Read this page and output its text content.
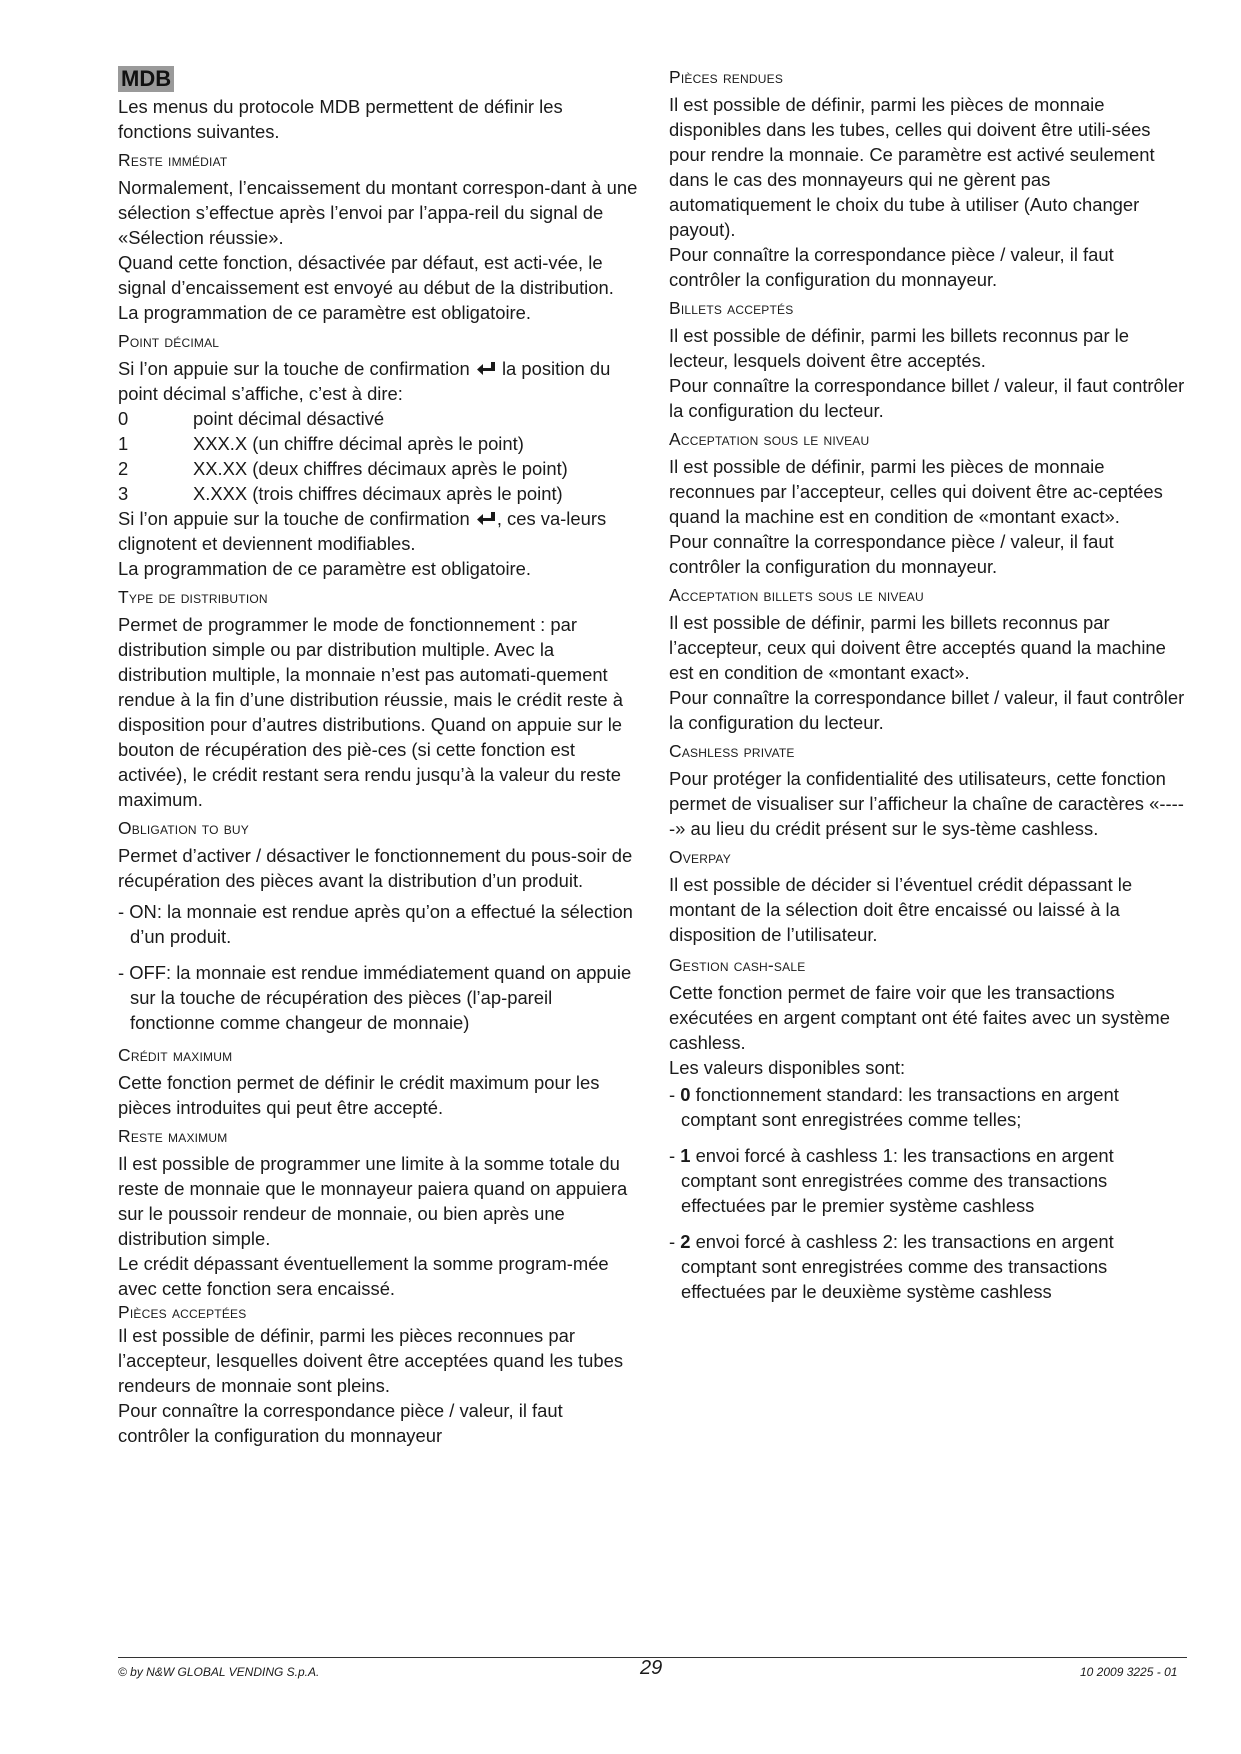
MDB

Les menus du protocole MDB permettent de définir les fonctions suivantes.

Reste immédiat

Normalement, l’encaissement du montant correspon-dant à une sélection s’effectue après l’envoi par l’appa-reil du signal de «Sélection réussie».

Quand cette fonction, désactivée par défaut, est acti-vée, le signal d’encaissement est envoyé au début de la distribution. La programmation de ce paramètre est obligatoire.

Point décimal

Si l’on appuie sur la touche de confirmation la position du point décimal s’affiche, c’est à dire:

0	point décimal désactivé
1	XXX.X (un chiffre décimal après le point)
2	XX.XX (deux chiffres décimaux après le point)
3	X.XXX (trois chiffres décimaux après le point)

Si l’on appuie sur la touche de confirmation , ces va-leurs clignotent et deviennent modifiables.

La programmation de ce paramètre est obligatoire.

Type de distribution

Permet de programmer le mode de fonctionnement : par distribution simple ou par distribution multiple. Avec la distribution multiple, la monnaie n’est pas automati-quement rendue à la fin d’une distribution réussie, mais le crédit reste à disposition pour d’autres distributions. Quand on appuie sur le bouton de récupération des piè-ces (si cette fonction est activée), le crédit restant sera rendu jusqu’à la valeur du reste maximum.

Obligation to buy

Permet d’activer / désactiver le fonctionnement du pous-soir de récupération des pièces avant la distribution d’un produit.

- ON: la monnaie est rendue après qu’on a effectué la sélection d’un produit.

- OFF: la monnaie est rendue immédiatement quand on appuie sur la touche de récupération des pièces (l’ap-pareil fonctionne comme changeur de monnaie)

Crédit maximum

Cette fonction permet de définir le crédit maximum pour les pièces introduites qui peut être accepté.

Reste maximum

Il est possible de programmer une limite à la somme totale du reste de monnaie que le monnayeur paiera quand on appuiera sur le poussoir rendeur de monnaie, ou bien après une distribution simple.

Le crédit dépassant éventuellement la somme program-mée avec cette fonction sera encaissé.

Pièces acceptées

Il est possible de définir, parmi les pièces reconnues par l’accepteur, lesquelles doivent être acceptées quand les tubes rendeurs de monnaie sont pleins.

Pour connaître la correspondance pièce / valeur, il faut contrôler la configuration du monnayeur

Pièces rendues

Il est possible de définir, parmi les pièces de monnaie disponibles dans les tubes, celles qui doivent être utili-sées pour rendre la monnaie. Ce paramètre est activé seulement dans le cas des monnayeurs qui ne gèrent pas automatiquement le choix du tube à utiliser (Auto changer payout).

Pour connaître la correspondance pièce / valeur, il faut contrôler la configuration du monnayeur.

Billets acceptés

Il est possible de définir, parmi les billets reconnus par le lecteur, lesquels doivent être acceptés.

Pour connaître la correspondance billet / valeur, il faut contrôler la configuration du lecteur.

Acceptation sous le niveau

Il est possible de définir, parmi les pièces de monnaie reconnues par l’accepteur, celles qui doivent être ac-ceptées quand la machine est en condition de «montant exact».

Pour connaître la correspondance pièce / valeur, il faut contrôler la configuration du monnayeur.

Acceptation billets sous le niveau

Il est possible de définir, parmi les billets reconnus par l’accepteur, ceux qui doivent être acceptés quand la machine est en condition de «montant exact».

Pour connaître la correspondance billet / valeur, il faut contrôler la configuration du lecteur.

Cashless private

Pour protéger la confidentialité des utilisateurs, cette fonction permet de visualiser sur l’afficheur la chaîne de caractères «-----» au lieu du crédit présent sur le sys-tème cashless.

Overpay

Il est possible de décider si l’éventuel crédit dépassant le montant de la sélection doit être encaissé ou laissé à la disposition de l’utilisateur.

Gestion cash-sale

Cette fonction permet de faire voir que les transactions exécutées en argent comptant ont été faites avec un système cashless.

Les valeurs disponibles sont:

- 0 fonctionnement standard: les transactions en argent comptant sont enregistrées comme telles;

- 1 envoi forcé à cashless 1: les transactions en argent comptant sont enregistrées comme des transactions effectuées par le premier système cashless

- 2 envoi forcé à cashless 2: les transactions en argent comptant sont enregistrées comme des transactions effectuées par le deuxième système cashless

© by N&W GLOBAL VENDING S.p.A.	29	10 2009 3225 - 01
